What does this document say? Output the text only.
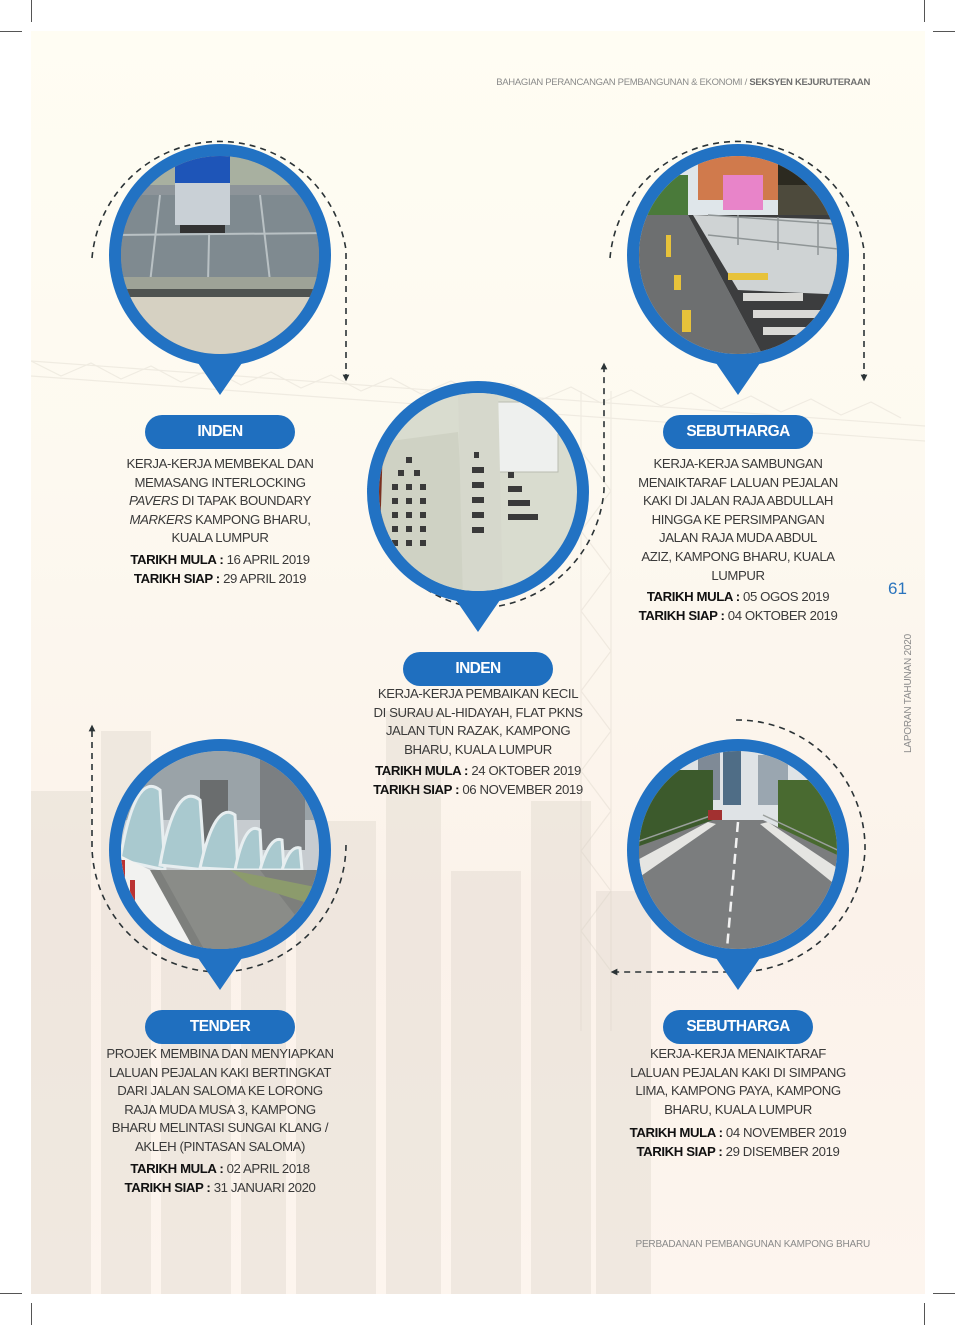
BAHAGIAN PERANCANGAN PEMBANGUNAN & EKONOMI / SEKSYEN KEJURUTERAAN
61
LAPORAN TAHUNAN 2020
PERBADANAN PEMBANGUNAN KAMPONG BHARU
INDEN
KERJA-KERJA MEMBEKAL DAN
MEMASANG INTERLOCKING
PAVERS DI TAPAK BOUNDARY
MARKERS KAMPONG BHARU,
KUALA LUMPUR
TARIKH MULA : 16 APRIL 2019
TARIKH SIAP : 29 APRIL 2019
INDEN
KERJA-KERJA PEMBAIKAN KECIL
DI SURAU AL-HIDAYAH, FLAT PKNS
JALAN TUN RAZAK, KAMPONG
BHARU, KUALA LUMPUR
TARIKH MULA : 24 OKTOBER 2019
TARIKH SIAP : 06 NOVEMBER 2019
SEBUTHARGA
KERJA-KERJA SAMBUNGAN
MENAIKTARAF LALUAN PEJALAN
KAKI DI JALAN RAJA ABDULLAH
HINGGA KE PERSIMPANGAN
JALAN RAJA MUDA ABDUL
AZIZ, KAMPONG BHARU, KUALA
LUMPUR
TARIKH MULA : 05 OGOS 2019
TARIKH SIAP : 04 OKTOBER 2019
TENDER
PROJEK MEMBINA DAN MENYIAPKAN
LALUAN PEJALAN KAKI BERTINGKAT
DARI JALAN SALOMA KE LORONG
RAJA MUDA MUSA 3, KAMPONG
BHARU MELINTASI SUNGAI KLANG /
AKLEH (PINTASAN SALOMA)
TARIKH MULA : 02 APRIL 2018
TARIKH SIAP : 31 JANUARI 2020
SEBUTHARGA
KERJA-KERJA MENAIKTARAF
LALUAN PEJALAN KAKI DI SIMPANG
LIMA, KAMPONG PAYA, KAMPONG
BHARU, KUALA LUMPUR
TARIKH MULA : 04 NOVEMBER 2019
TARIKH SIAP : 29 DISEMBER 2019
